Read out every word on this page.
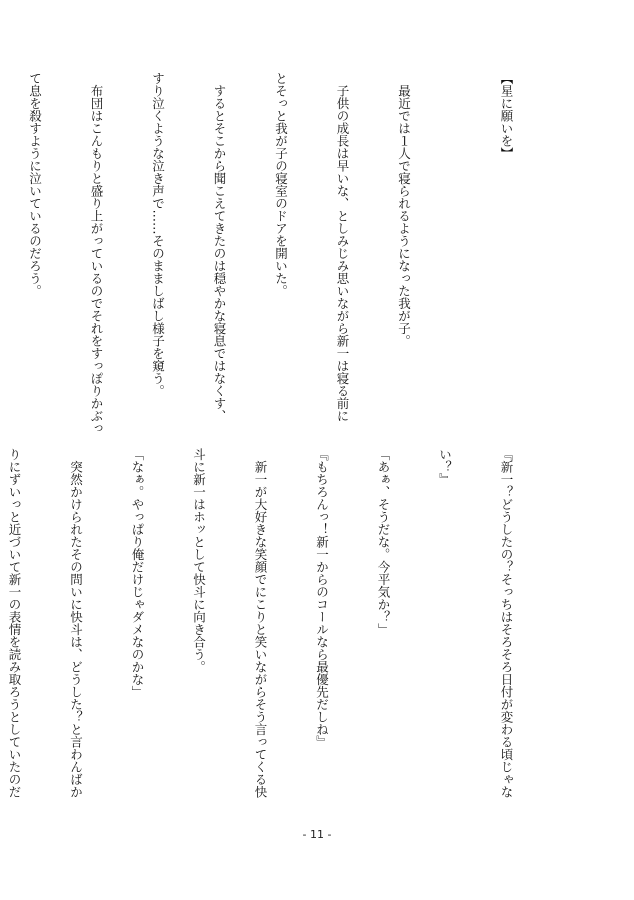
【星に願いを】

　最近では１人で寝られるようになった我が子。

　子供の成長は早いな、としみじみ思いながら新一は寝る前に

とそっと我が子の寝室のドアを開いた。

　するとそこから聞こえてきたのは穏やかな寝息ではなくす、

すり泣くような泣き声で……そのまましばし様子を窺う。

　布団はこんもりと盛り上がっているのでそれをすっぽりかぶっ

て息を殺すように泣いているのだろう。

『新一？どうしたの？そっちはそろそろ日付が変わる頃じゃな

い？』

「あぁ、そうだな。今平気か？」

『もちろんっ！新一からのコールなら最優先だしね』

　新一が大好きな笑顔でにこりと笑いながらそう言ってくる快

斗に新一はホッとして快斗に向き合う。

「なぁ。やっぱり俺だけじゃダメなのかな」

　突然かけられたその問いに快斗は、どうした？と言わんばか

りにずいっと近づいて新一の表情を読み取ろうとしていたのだ

- 11 -
